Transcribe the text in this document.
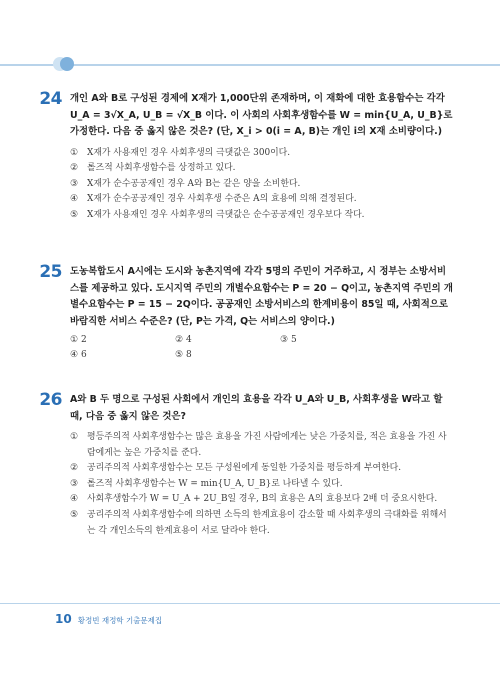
24 개인 A와 B로 구성된 경제에 X재가 1,000단위 존재하며, 이 재화에 대한 효용함수는 각각 U_A = 3√X_A, U_B = √X_B 이다. 이 사회의 사회후생함수를 W = min{U_A, U_B}로 가정한다. 다음 중 옳지 않은 것은? (단, X_i > 0(i = A, B)는 개인 i의 X재 소비량이다.)

①	X재가 사용재인 경우 사회후생의 극댓값은 300이다.
②	롤즈적 사회후생함수를 상정하고 있다.
③	X재가 순수공공재인 경우 A와 B는 같은 양을 소비한다.
④	X재가 순수공공재인 경우 사회후생 수준은 A의 효용에 의해 결정된다.
⑤	X재가 사용재인 경우 사회후생의 극댓값은 순수공공재인 경우보다 작다.
25 도농복합도시 A시에는 도시와 농촌지역에 각각 5명의 주민이 거주하고, 시 정부는 소방서비스를 제공하고 있다. 도시지역 주민의 개별수요함수는 P = 20 − Q이고, 농촌지역 주민의 개별수요함수는 P = 15 − 2Q이다. 공공재인 소방서비스의 한계비용이 85일 때, 사회적으로 바람직한 서비스 수준은? (단, P는 가격, Q는 서비스의 양이다.)

① 2	② 4	③ 5
④ 6	⑤ 8
26 A와 B 두 명으로 구성된 사회에서 개인의 효용을 각각 U_A와 U_B, 사회후생을 W라고 할 때, 다음 중 옳지 않은 것은?

①	평등주의적 사회후생함수는 많은 효용을 가진 사람에게는 낮은 가중치를, 적은 효용을 가진 사람에게는 높은 가중치를 준다.
②	공리주의적 사회후생함수는 모든 구성원에게 동일한 가중치를 평등하게 부여한다.
③	롤즈적 사회후생함수는 W = min{U_A, U_B}로 나타낼 수 있다.
④	사회후생함수가 W = U_A + 2U_B일 경우, B의 효용은 A의 효용보다 2배 더 중요시한다.
⑤	공리주의적 사회후생함수에 의하면 소득의 한계효용이 감소할 때 사회후생의 극대화를 위해서는 각 개인소득의 한계효용이 서로 달라야 한다.
10 황정빈 재정학 기출문제집
